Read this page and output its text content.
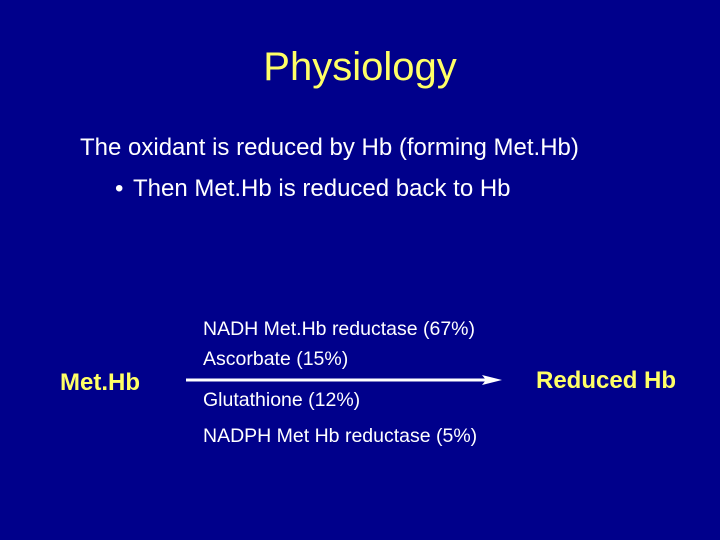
Physiology
The oxidant is reduced by Hb (forming Met.Hb)
• Then Met.Hb is reduced back to Hb
Met.Hb
NADH Met.Hb reductase (67%)
Ascorbate (15%)
Glutathione (12%)
NADPH Met Hb reductase (5%)
Reduced Hb
